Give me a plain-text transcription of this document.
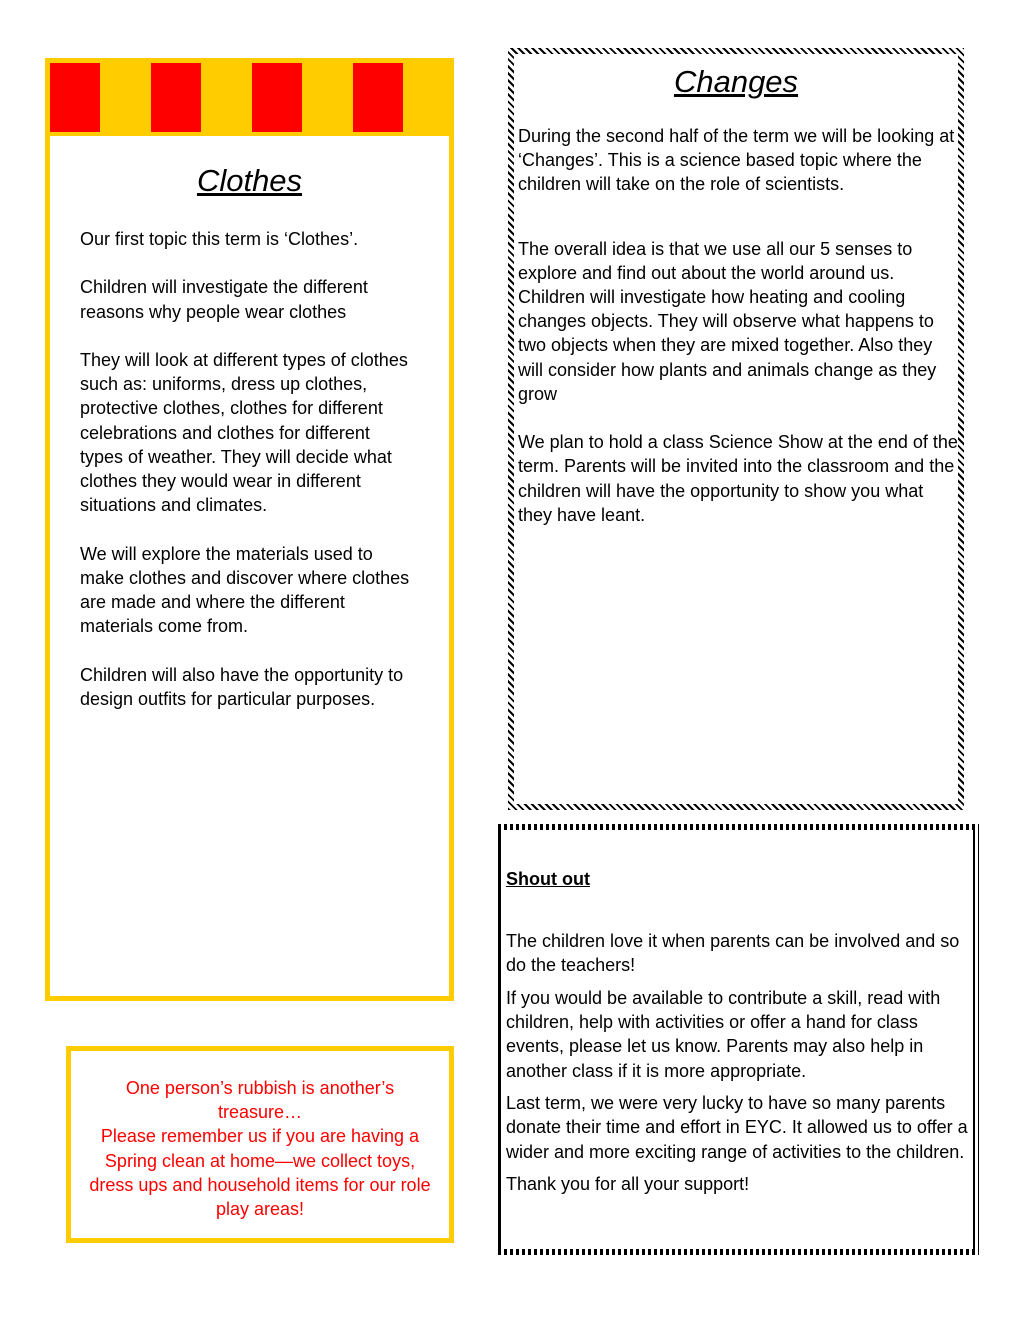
Clothes

Our first topic this term is ‘Clothes’.

Children will investigate the different reasons why people wear clothes

They will look at different types of clothes such as: uniforms, dress up clothes, protective clothes, clothes for different celebrations and clothes for different types of weather. They will decide what clothes they would wear in different situations and climates.

We will explore the materials used to make clothes and discover where clothes are made and where the different materials come from.

Children will also have the opportunity to design outfits for particular purposes.

Changes

During the second half of the term we will be looking at ‘Changes’. This is a science based topic where the children will take on the role of scientists.

The overall idea is that we use all our 5 senses to explore and find out about the world around us. Children will investigate how heating and cooling changes objects. They will observe what happens to two objects when they are mixed together. Also they will consider how plants and animals change as they grow

We plan to hold a class Science Show at the end of the term. Parents will be invited into the classroom and the children will have the opportunity to show you what they have leant.

Shout out

The children love it when parents can be involved and so do the teachers!

If you would be available to contribute a skill, read with children, help with activities or offer a hand for class events, please let us know. Parents may also help in another class if it is more appropriate.

Last term, we were very lucky to have so many parents donate their time and effort in EYC. It allowed us to offer a wider and more exciting range of activities to the children.

Thank you for all your support!

One person’s rubbish is another’s treasure…
Please remember us if you are having a Spring clean at home—we collect toys, dress ups and household items for our role play areas!
